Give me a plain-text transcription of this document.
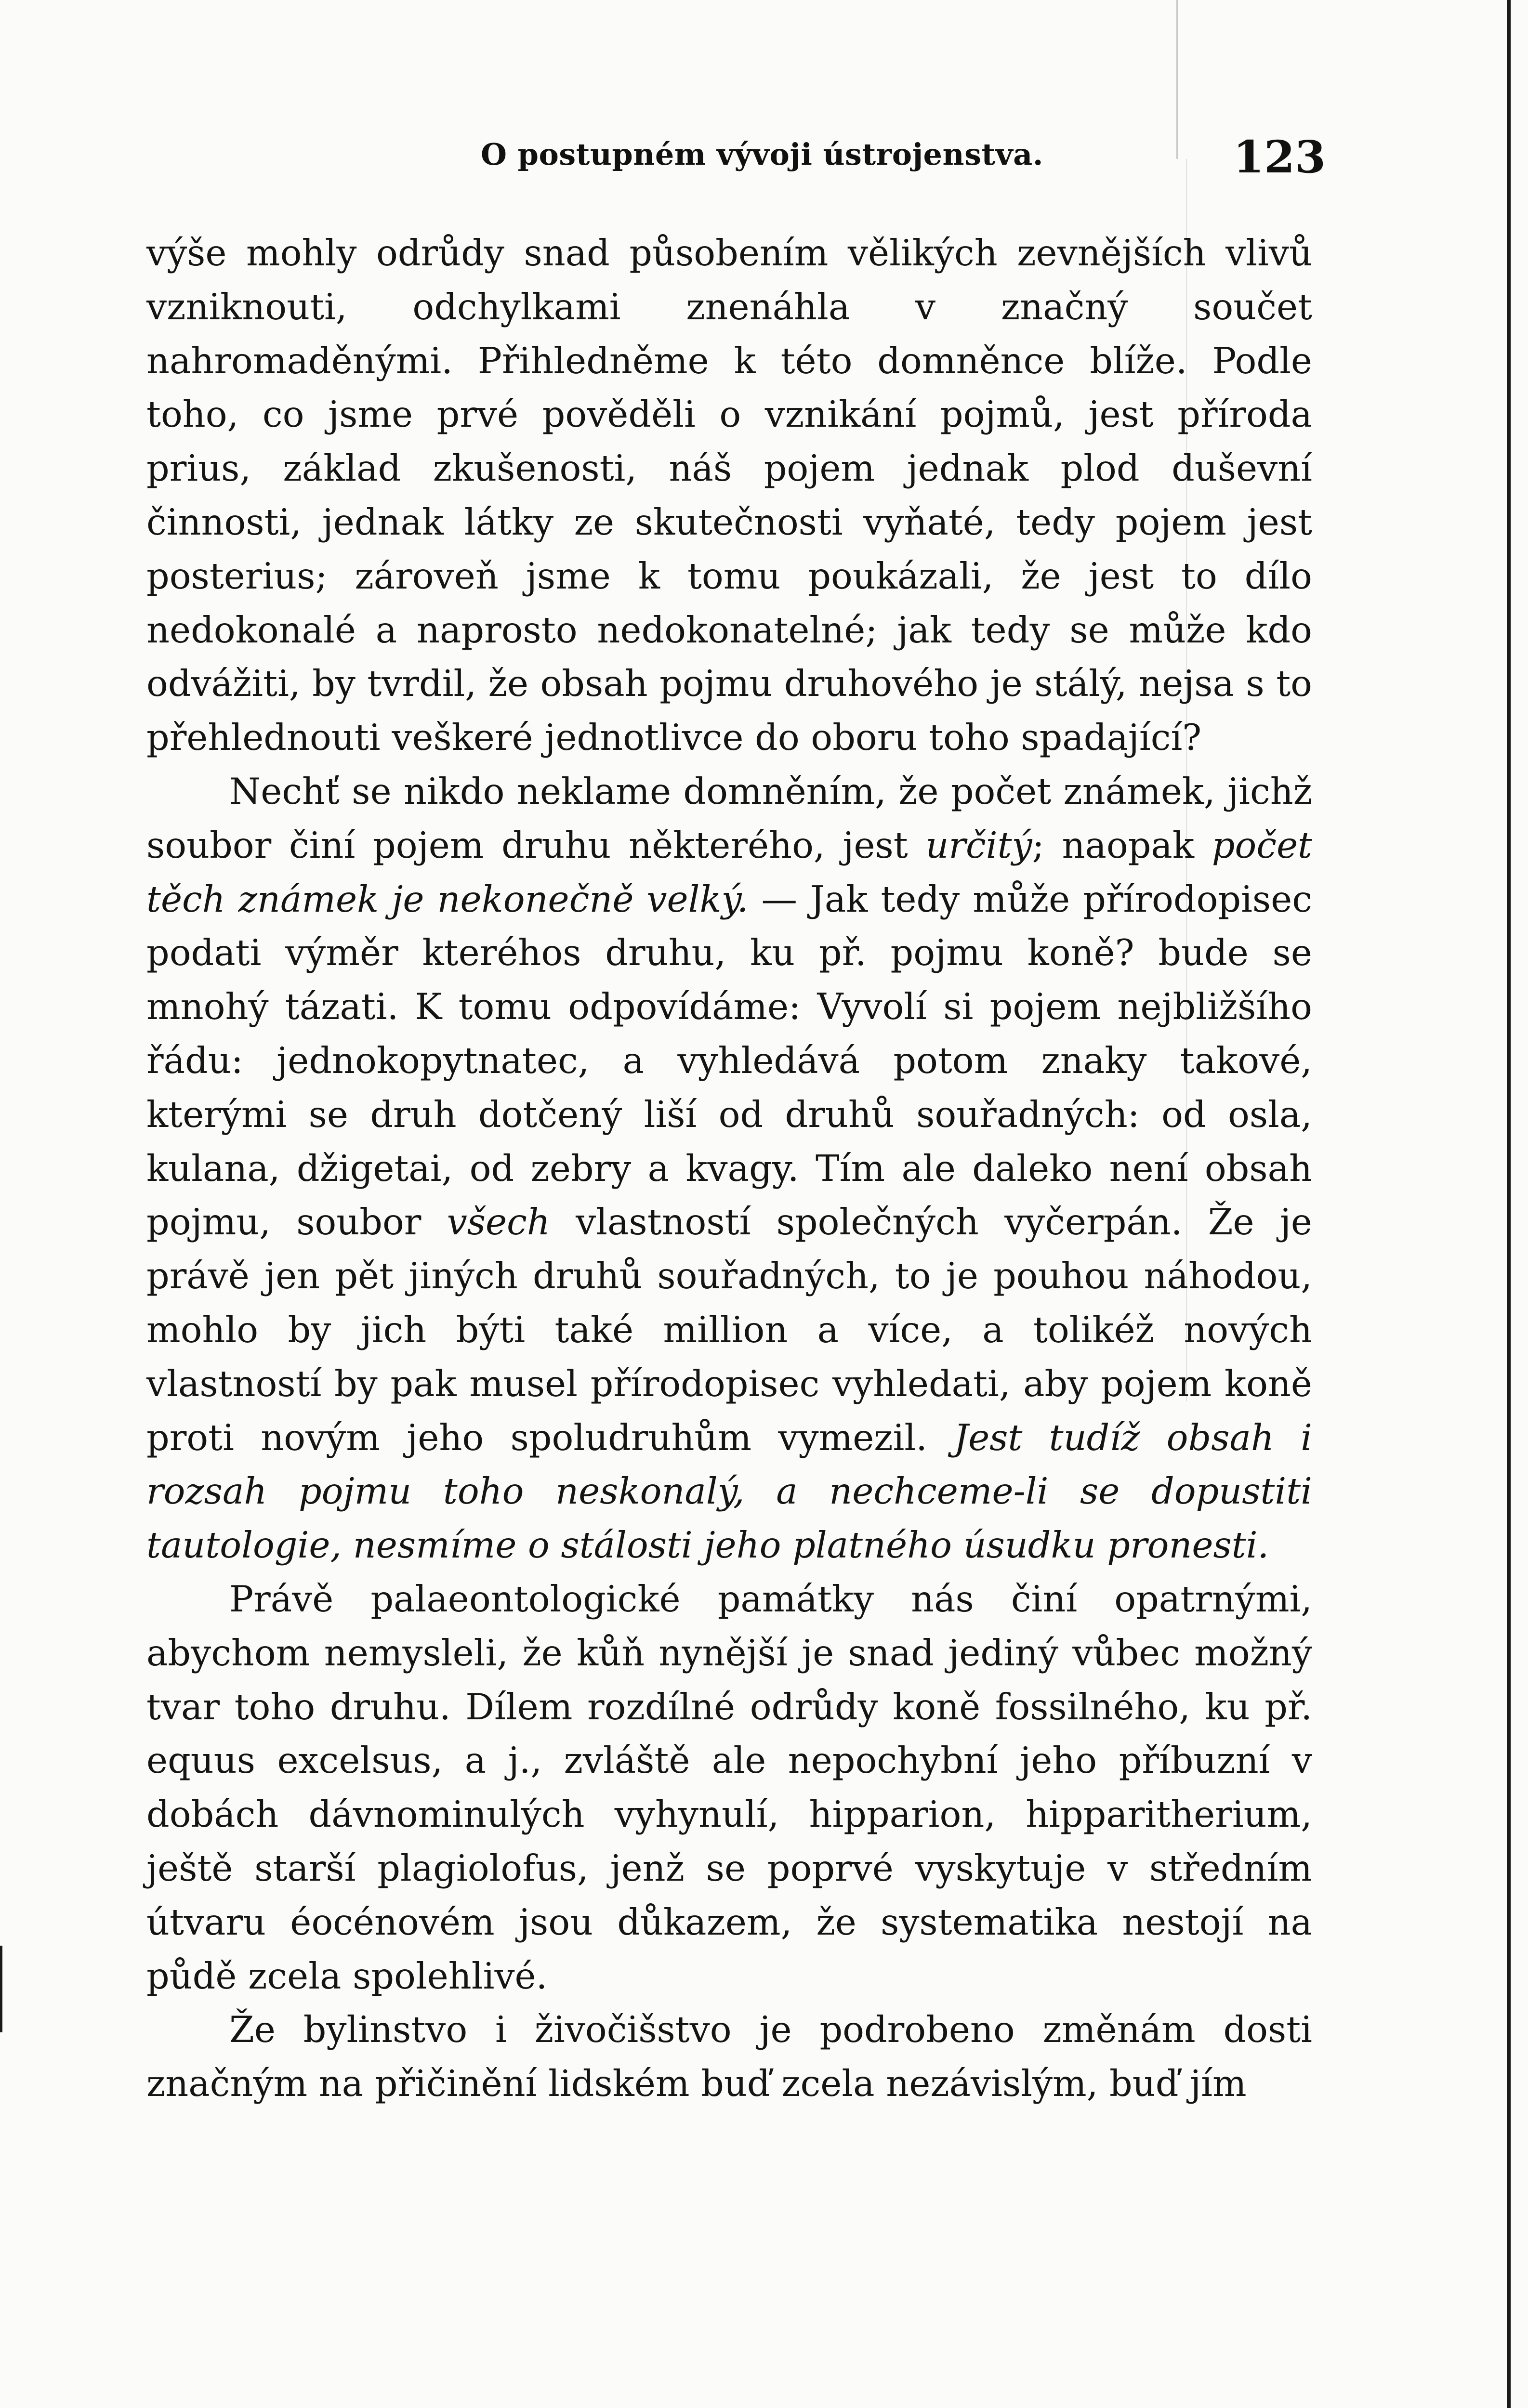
O postupném vývoji ústrojenstva.	123

výše mohly odrůdy snad působením vělikých zevnějších vlivů vzniknouti, odchylkami znenáhla v značný součet nahromaděnými. Přihledněme k této domněnce blíže. Podle toho, co jsme prvé pověděli o vznikání pojmů, jest příroda prius, základ zkušenosti, náš pojem jednak plod duševní činnosti, jednak látky ze skutečnosti vyňaté, tedy pojem jest posterius; zároveň jsme k tomu poukázali, že jest to dílo nedokonalé a naprosto nedokonatelné; jak tedy se může kdo odvážiti, by tvrdil, že obsah pojmu druhového je stálý, nejsa s to přehlednouti veškeré jednotlivce do oboru toho spadající?

Nechť se nikdo neklame domněním, že počet známek, jichž soubor činí pojem druhu některého, jest určitý; naopak počet těch známek je nekonečně velký. — Jak tedy může přírodopisec podati výměr kteréhos druhu, ku př. pojmu koně? bude se mnohý tázati. K tomu odpovídáme: Vyvolí si pojem nejbližšího řádu: jednokopytnatec, a vyhledává potom znaky takové, kterými se druh dotčený liší od druhů souřadných: od osla, kulana, džigetai, od zebry a kvagy. Tím ale daleko není obsah pojmu, soubor všech vlastností společných vyčerpán. Že je právě jen pět jiných druhů souřadných, to je pouhou náhodou, mohlo by jich býti také million a více, a tolikéž nových vlastností by pak musel přírodopisec vyhledati, aby pojem koně proti novým jeho spoludruhům vymezil. Jest tudíž obsah i rozsah pojmu toho neskonalý, a nechceme-li se dopustiti tautologie, nesmíme o stálosti jeho platného úsudku pronesti.

Právě palaeontologické památky nás činí opatrnými, abychom nemysleli, že kůň nynější je snad jediný vůbec možný tvar toho druhu. Dílem rozdílné odrůdy koně fossilného, ku př. equus excelsus, a j., zvláště ale nepochybní jeho příbuzní v dobách dávnominulých vyhynulí, hipparion, hipparitherium, ještě starší plagiolofus, jenž se poprvé vyskytuje v středním útvaru éocénovém jsou důkazem, že systematika nestojí na půdě zcela spolehlivé.

Že bylinstvo i živočišstvo je podrobeno změnám dosti značným na přičinění lidském buď zcela nezávislým, buď jím
